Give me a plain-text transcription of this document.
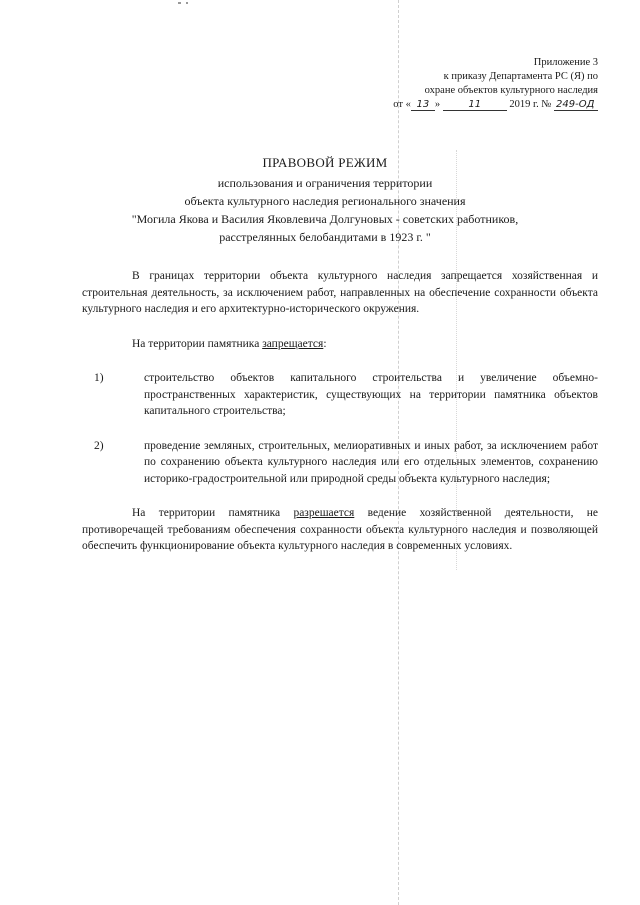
Приложение 3
к приказу Департамента РС (Я) по
охране объектов культурного наследия
от « 13 »	11	2019 г. № 249-ОД
ПРАВОВОЙ РЕЖИМ
использования и ограничения территории
объекта культурного наследия регионального значения
"Могила Якова и Василия Яковлевича Долгуновых - советских работников,
расстрелянных белобандитами в 1923 г. "

В границах территории объекта культурного наследия запрещается хозяйственная и строительная деятельность, за исключением работ, направленных на обеспечение сохранности объекта культурного наследия и его архитектурно-исторического окружения.

На территории памятника запрещается:

1)	строительство объектов капитального строительства и увеличение объемно-пространственных характеристик, существующих на территории памятника объектов капитального строительства;

2)	проведение земляных, строительных, мелиоративных и иных работ, за исключением работ по сохранению объекта культурного наследия или его отдельных элементов, сохранению историко-градостроительной или природной среды объекта культурного наследия;

На территории памятника разрешается ведение хозяйственной деятельности, не противоречащей требованиям обеспечения сохранности объекта культурного наследия и позволяющей обеспечить функционирование объекта культурного наследия в современных условиях.
